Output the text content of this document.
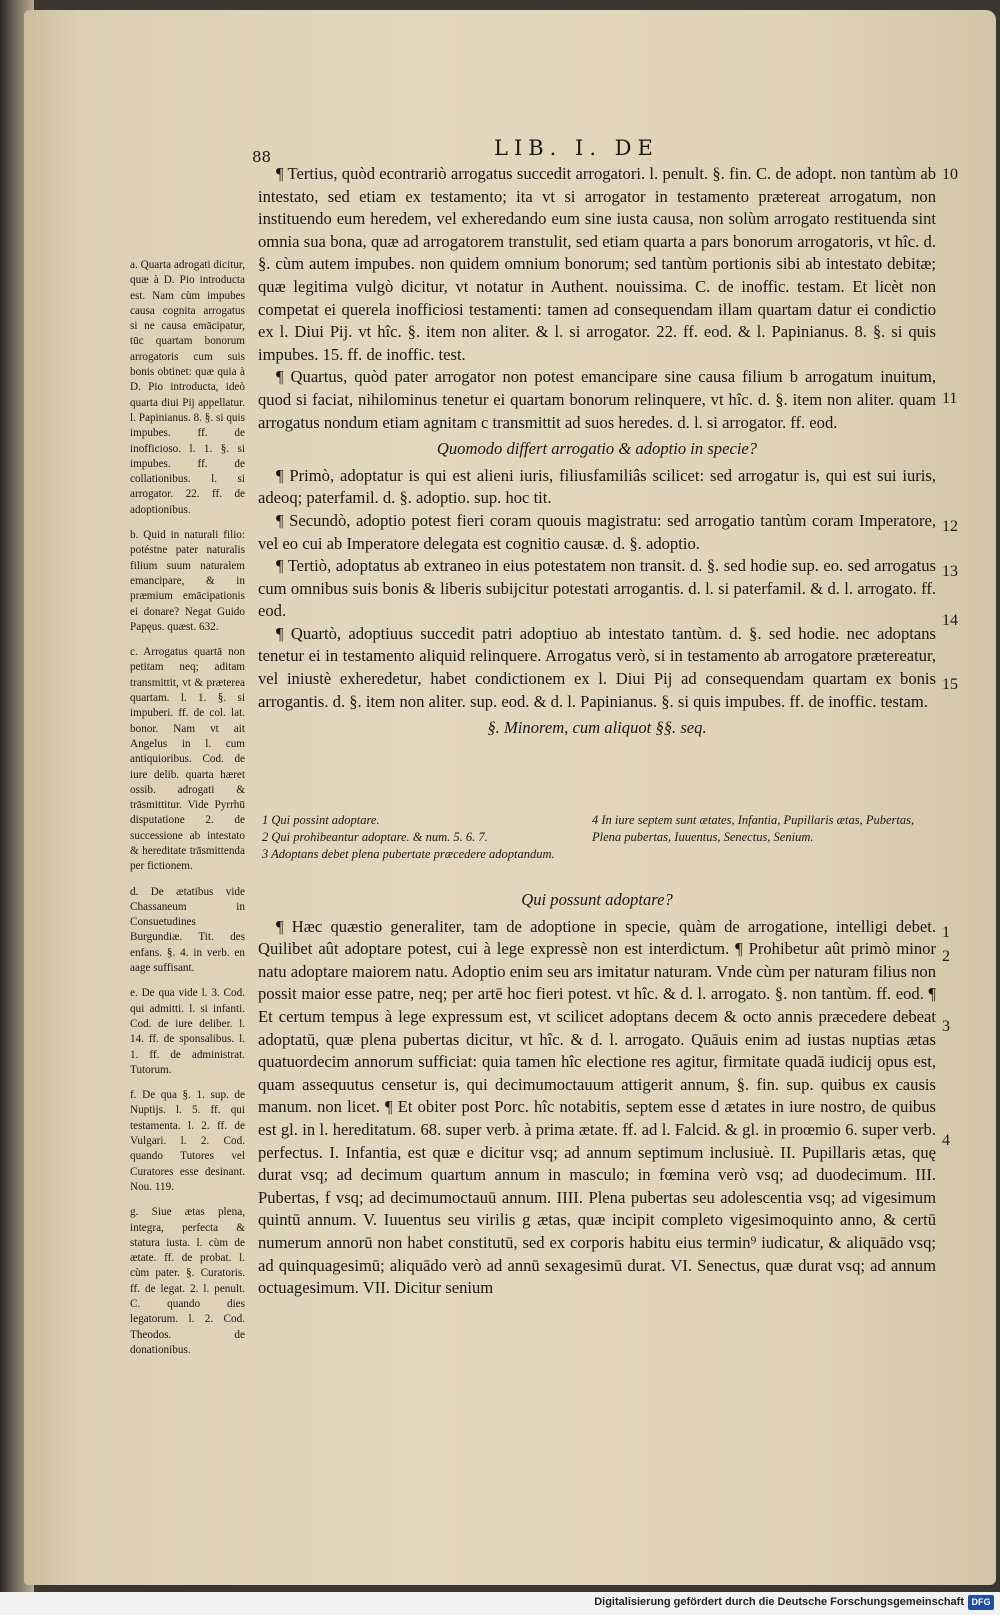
88	LIB. I. DE

a. Quarta adrogati dicitur, quæ à D. Pio introducta est. Nam cùm impubes causa cognita arrogatus si ne causa emācipatur, tūc quartam bonorum arrogatoris cum suis bonis obtinet: quæ quia à D. Pio introducta, ideò quarta diui Pij appellatur. l. Papinianus. 8. §. si quis impubes. ff. de inofficioso. l. 1. §. si impubes. ff. de collationibus. l. si arrogator. 22. ff. de adoptionibus.

b. Quid in naturali filio: potéstne pater naturalis filium suum naturalem emancipare, & in præmium emācipationis ei donare? Negat Guido Papęus. quæst. 632.

c. Arrogatus quartā non petitam neq; aditam transmittit, vt & præterea quartam. l. 1. §. si impuberi. ff. de col. lat. bonor. Nam vt ait Angelus in l. cum antiquioribus. Cod. de iure delib. quarta hæret ossib. adrogati & trāsmittitur. Vide Pyrrhū disputatione 2. de successione ab intestato & hereditate trāsmittenda per fictionem.

d. De ætatibus vide Chassaneum in Consuetudines Burgundiæ. Tit. des enfans. §. 4. in verb. en aage suffisant.

e. De qua vide l. 3. Cod. qui admitti. l. si infanti. Cod. de iure deliber. l. 14. ff. de sponsalibus. l. 1. ff. de administrat. Tutorum.

f. De qua §. 1. sup. de Nuptijs. l. 5. ff. qui testamenta. l. 2. ff. de Vulgari. l. 2. Cod. quando Tutores vel Curatores esse desinant. Nou. 119.

g. Siue ætas plena, integra, perfecta & statura iusta. l. cùm de ætate. ff. de probat. l. cùm pater. §. Curatoris. ff. de legat. 2. l. penult. C. quando dies legatorum. l. 2. Cod. Theodos. de donationibus.

¶ Tertius, quòd econtrariò arrogatus succedit arrogatori. l. penult. §. fin. C. de adopt. non tantùm ab intestato, sed etiam ex testamento; ita vt si arrogator in testamento prætereat arrogatum, non instituendo eum heredem, vel exheredando eum sine iusta causa, non solùm arrogato restituenda sint omnia sua bona, quæ ad arrogatorem transtulit, sed etiam quarta a pars bonorum arrogatoris, vt hîc. d. §. cùm autem impubes. non quidem omnium bonorum; sed tantùm portionis sibi ab intestato debitæ; quæ legitima vulgò dicitur, vt notatur in Authent. nouissima. C. de inoffic. testam. Et licèt non competat ei querela inofficiosi testamenti: tamen ad consequendam illam quartam datur ei condictio ex l. Diui Pij. vt hîc. §. item non aliter. & l. si arrogator. 22. ff. eod. & l. Papinianus. 8. §. si quis impubes. 15. ff. de inoffic. test.

¶ Quartus, quòd pater arrogator non potest emancipare sine causa filium b arrogatum inuitum, quod si faciat, nihilominus tenetur ei quartam bonorum relinquere, vt hîc. d. §. item non aliter. quam arrogatus nondum etiam agnitam c transmittit ad suos heredes. d. l. si arrogator. ff. eod.

Quomodo differt arrogatio & adoptio in specie?

¶ Primò, adoptatur is qui est alieni iuris, filiusfamiliâs scilicet: sed arrogatur is, qui est sui iuris, adeoq; paterfamil. d. §. adoptio. sup. hoc tit.

¶ Secundò, adoptio potest fieri coram quouis magistratu: sed arrogatio tantùm coram Imperatore, vel eo cui ab Imperatore delegata est cognitio causæ. d. §. adoptio.

¶ Tertiò, adoptatus ab extraneo in eius potestatem non transit. d. §. sed hodie sup. eo. sed arrogatus cum omnibus suis bonis & liberis subijcitur potestati arrogantis. d. l. si paterfamil. & d. l. arrogato. ff. eod.

¶ Quartò, adoptiuus succedit patri adoptiuo ab intestato tantùm. d. §. sed hodie. nec adoptans tenetur ei in testamento aliquid relinquere. Arrogatus verò, si in testamento ab arrogatore prætereatur, vel iniustè exheredetur, habet condictionem ex l. Diui Pij ad consequendam quartam ex bonis arrogantis. d. §. item non aliter. sup. eod. & d. l. Papinianus. §. si quis impubes. ff. de inoffic. testam.

§. Minorem, cum aliquot §§. seq.

1 Qui possint adoptare.

2 Qui prohibeantur adoptare. & num. 5. 6. 7.

3 Adoptans debet plena pubertate præcedere adoptandum.

4 In iure septem sunt ætates, Infantia, Pupillaris ætas, Pubertas, Plena pubertas, Iuuentus, Senectus, Senium.

Qui possunt adoptare?

¶ Hæc quæstio generaliter, tam de adoptione in specie, quàm de arrogatione, intelligi debet. Quilibet aût adoptare potest, cui à lege expressè non est interdictum. ¶ Prohibetur aût primò minor natu adoptare maiorem natu. Adoptio enim seu ars imitatur naturam. Vnde cùm per naturam filius non possit maior esse patre, neq; per artē hoc fieri potest. vt hîc. & d. l. arrogato. §. non tantùm. ff. eod. ¶ Et certum tempus à lege expressum est, vt scilicet adoptans decem & octo annis præcedere debeat adoptatū, quæ plena pubertas dicitur, vt hîc. & d. l. arrogato. Quāuis enim ad iustas nuptias ætas quatuordecim annorum sufficiat: quia tamen hîc electione res agitur, firmitate quadā iudicij opus est, quam assequutus censetur is, qui decimumoctauum attigerit annum, §. fin. sup. quibus ex causis manum. non licet. ¶ Et obiter post Porc. hîc notabitis, septem esse d ætates in iure nostro, de quibus est gl. in l. hereditatum. 68. super verb. à prima ætate. ff. ad l. Falcid. & gl. in proœmio 6. super verb. perfectus. I. Infantia, est quæ e dicitur vsq; ad annum septimum inclusiuè. II. Pupillaris ætas, quę durat vsq; ad decimum quartum annum in masculo; in fœmina verò vsq; ad duodecimum. III. Pubertas, f vsq; ad decimumoctauū annum. IIII. Plena pubertas seu adolescentia vsq; ad vigesimum quintū annum. V. Iuuentus seu virilis g ætas, quæ incipit completo vigesimoquinto anno, & certū numerum annorū non habet constitutū, sed ex corporis habitu eius termin⁹ iudicatur, & aliquādo vsq; ad quinquagesimū; aliquādo verò ad annū sexagesimū durat. VI. Senectus, quæ durat vsq; ad annum octuagesimum. VII. Dicitur senium

10
11
12
13
14
15
1
2
3
4
Digitalisierung gefördert durch die Deutsche Forschungsgemeinschaft DFG
